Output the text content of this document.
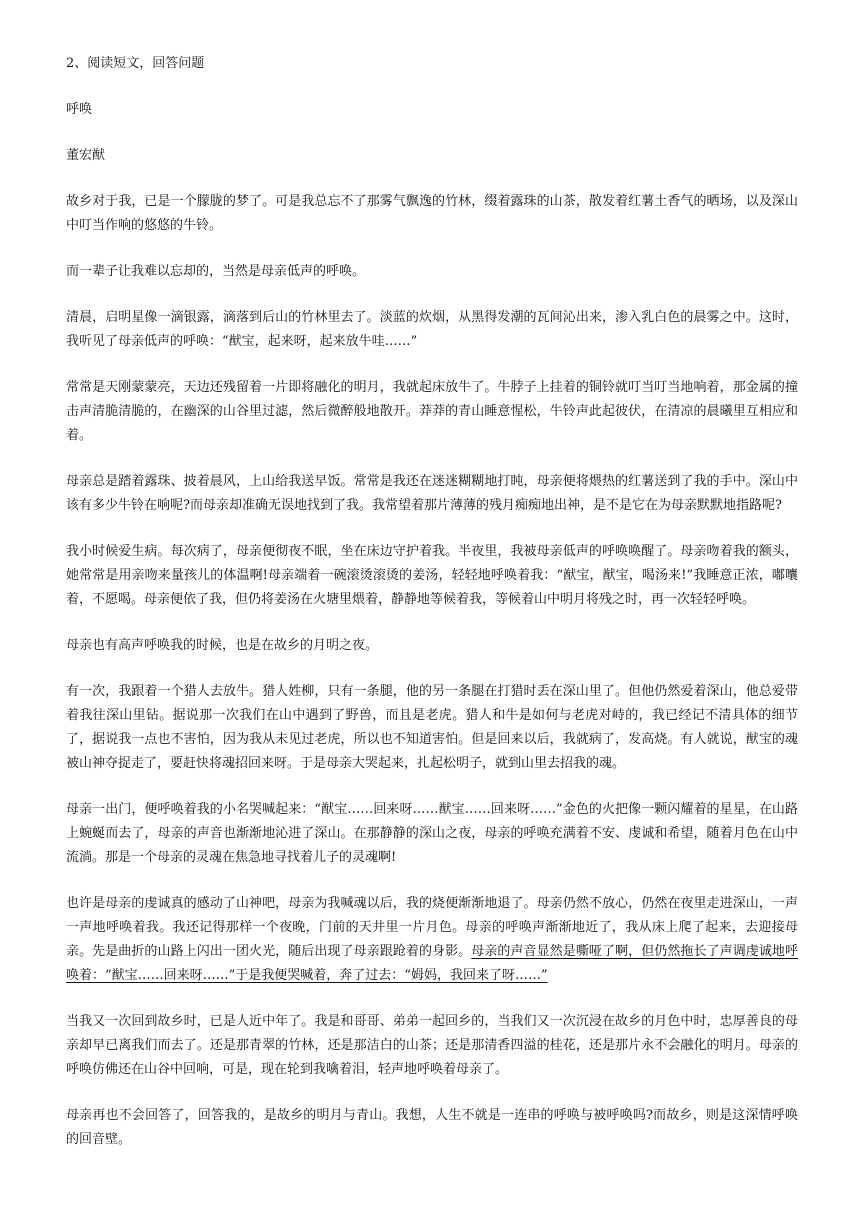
2、阅读短文，回答问题

呼唤

董宏猷

故乡对于我，已是一个朦胧的梦了。可是我总忘不了那雾气飘逸的竹林，缀着露珠的山茶，散发着红薯土香气的晒场，以及深山中叮当作响的悠悠的牛铃。

而一辈子让我难以忘却的，当然是母亲低声的呼唤。

清晨，启明星像一滴银露，滴落到后山的竹林里去了。淡蓝的炊烟，从黑得发潮的瓦间沁出来，渗入乳白色的晨雾之中。这时，我听见了母亲低声的呼唤：“猷宝，起来呀，起来放牛哇……”

常常是天刚蒙蒙亮，天边还残留着一片即将融化的明月，我就起床放牛了。牛脖子上挂着的铜铃就叮当叮当地响着，那金属的撞击声清脆清脆的，在幽深的山谷里过滤，然后微醉般地散开。莽莽的青山睡意惺松，牛铃声此起彼伏，在清凉的晨曦里互相应和着。

母亲总是踏着露珠、披着晨风，上山给我送早饭。常常是我还在迷迷糊糊地打盹，母亲便将煨热的红薯送到了我的手中。深山中该有多少牛铃在响呢?而母亲却准确无误地找到了我。我常望着那片薄薄的残月痴痴地出神，是不是它在为母亲默默地指路呢?

我小时候爱生病。每次病了，母亲便彻夜不眠，坐在床边守护着我。半夜里，我被母亲低声的呼唤唤醒了。母亲吻着我的额头，她常常是用亲吻来量孩儿的体温啊!母亲端着一碗滚烫滚烫的姜汤，轻轻地呼唤着我：“猷宝，猷宝，喝汤来!”我睡意正浓，嘟囔着，不愿喝。母亲便依了我，但仍将姜汤在火塘里煨着，静静地等候着我，等候着山中明月将残之时，再一次轻轻呼唤。

母亲也有高声呼唤我的时候，也是在故乡的月明之夜。

有一次，我跟着一个猎人去放牛。猎人姓柳，只有一条腿，他的另一条腿在打猎时丢在深山里了。但他仍然爱着深山，他总爱带着我往深山里钻。据说那一次我们在山中遇到了野兽，而且是老虎。猎人和牛是如何与老虎对峙的，我已经记不清具体的细节了，据说我一点也不害怕，因为我从未见过老虎，所以也不知道害怕。但是回来以后，我就病了，发高烧。有人就说，猷宝的魂被山神夺捉走了，要赶快将魂招回来呀。于是母亲大哭起来，扎起松明子，就到山里去招我的魂。

母亲一出门，便呼唤着我的小名哭喊起来：“猷宝……回来呀……猷宝……回来呀……”金色的火把像一颗闪耀着的星星，在山路上蜿蜒而去了，母亲的声音也渐渐地沁进了深山。在那静静的深山之夜，母亲的呼唤充满着不安、虔诚和希望，随着月色在山中流淌。那是一个母亲的灵魂在焦急地寻找着儿子的灵魂啊!

也许是母亲的虔诚真的感动了山神吧，母亲为我喊魂以后，我的烧便渐渐地退了。母亲仍然不放心，仍然在夜里走进深山，一声一声地呼唤着我。我还记得那样一个夜晚，门前的天井里一片月色。母亲的呼唤声渐渐地近了，我从床上爬了起来，去迎接母亲。先是曲折的山路上闪出一团火光，随后出现了母亲跟跄着的身影。母亲的声音显然是嘶哑了啊，但仍然拖长了声调虔诚地呼唤着：“猷宝……回来呀……”于是我便哭喊着，奔了过去：“姆妈，我回来了呀……”

当我又一次回到故乡时，已是人近中年了。我是和哥哥、弟弟一起回乡的，当我们又一次沉浸在故乡的月色中时，忠厚善良的母亲却早已离我们而去了。还是那青翠的竹林，还是那洁白的山茶；还是那清香四溢的桂花，还是那片永不会融化的明月。母亲的呼唤仿佛还在山谷中回响，可是，现在轮到我噙着泪，轻声地呼唤着母亲了。

母亲再也不会回答了，回答我的，是故乡的明月与青山。我想，人生不就是一连串的呼唤与被呼唤吗?而故乡，则是这深情呼唤的回音壁。
